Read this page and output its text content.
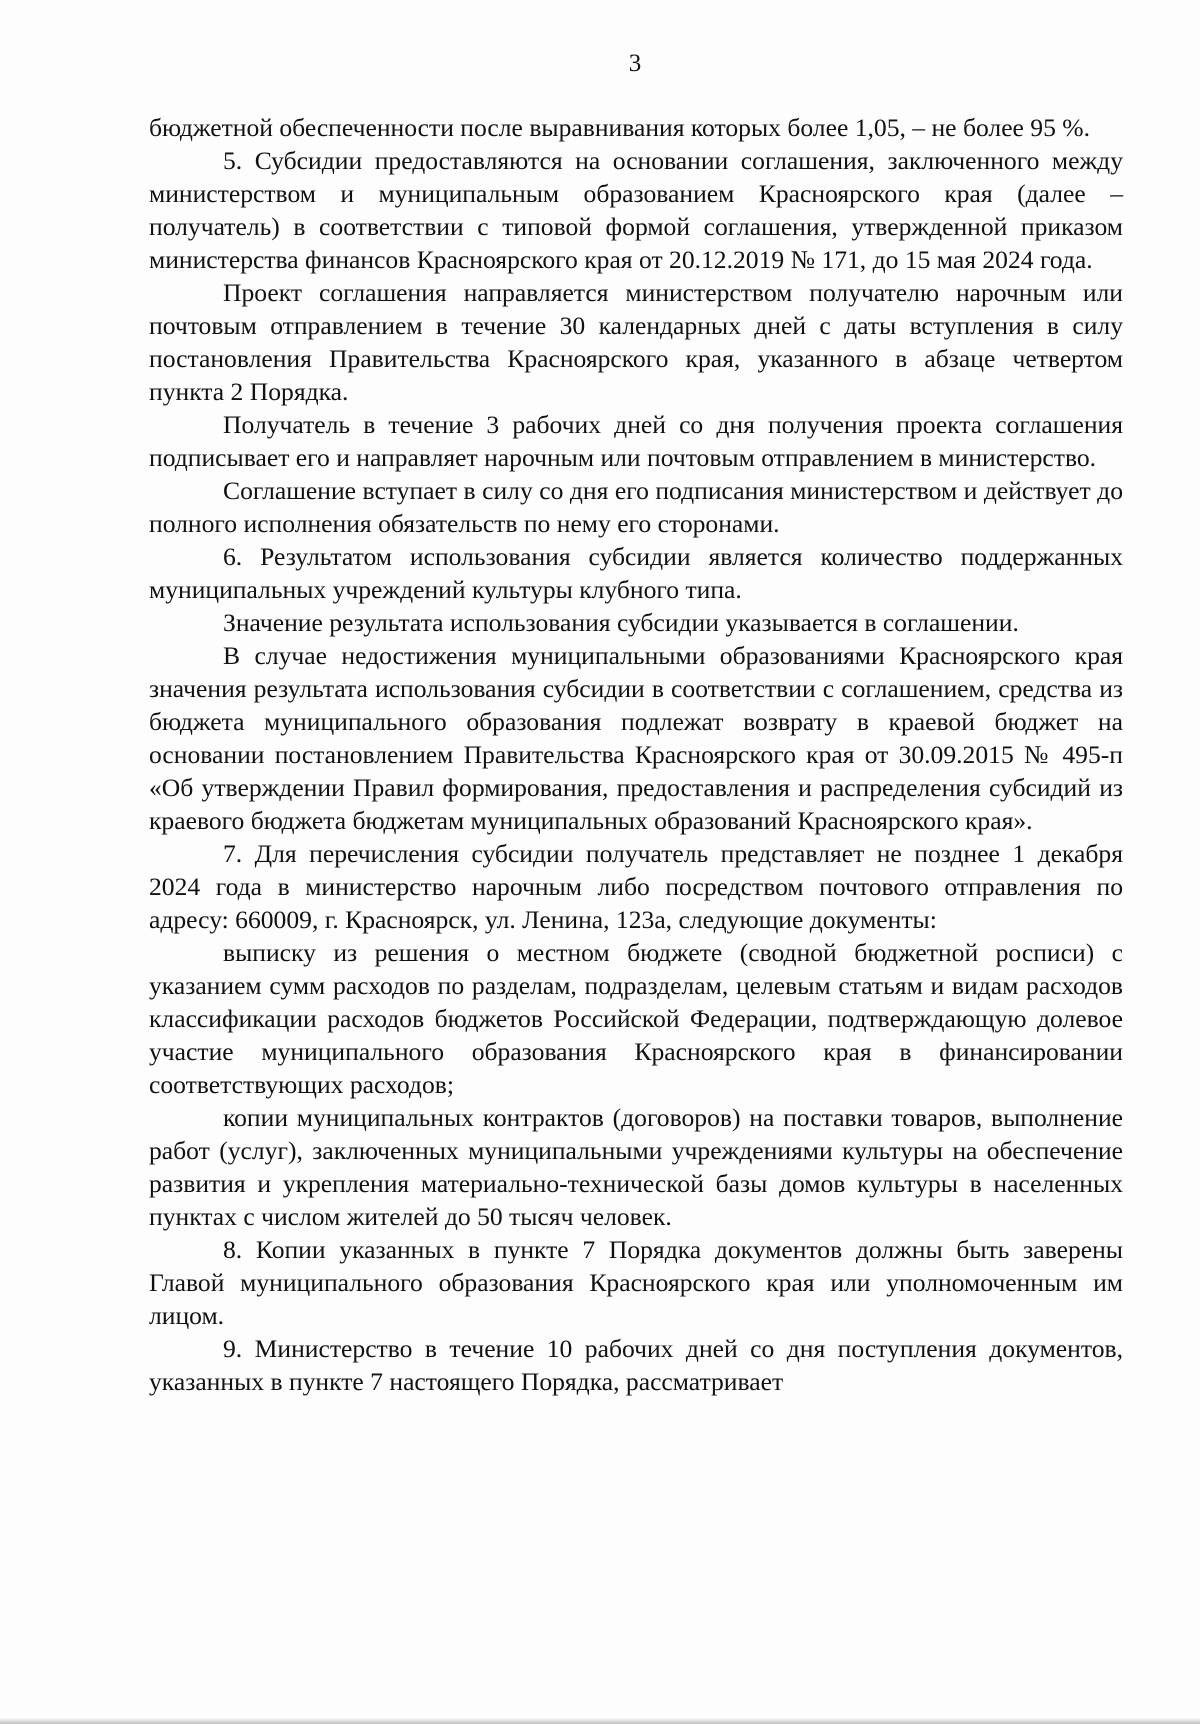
3

бюджетной обеспеченности после выравнивания которых более 1,05, – не более 95 %.

5. Субсидии предоставляются на основании соглашения, заключенного между министерством и муниципальным образованием Красноярского края (далее – получатель) в соответствии с типовой формой соглашения, утвержденной приказом министерства финансов Красноярского края от 20.12.2019 № 171, до 15 мая 2024 года.

Проект соглашения направляется министерством получателю нарочным или почтовым отправлением в течение 30 календарных дней с даты вступления в силу постановления Правительства Красноярского края, указанного в абзаце четвертом пункта 2 Порядка.

Получатель в течение 3 рабочих дней со дня получения проекта соглашения подписывает его и направляет нарочным или почтовым отправлением в министерство.

Соглашение вступает в силу со дня его подписания министерством и действует до полного исполнения обязательств по нему его сторонами.

6. Результатом использования субсидии является количество поддержанных муниципальных учреждений культуры клубного типа.

Значение результата использования субсидии указывается в соглашении.

В случае недостижения муниципальными образованиями Красноярского края значения результата использования субсидии в соответствии с соглашением, средства из бюджета муниципального образования подлежат возврату в краевой бюджет на основании постановлением Правительства Красноярского края от 30.09.2015 № 495-п «Об утверждении Правил формирования, предоставления и распределения субсидий из краевого бюджета бюджетам муниципальных образований Красноярского края».

7. Для перечисления субсидии получатель представляет не позднее 1 декабря 2024 года в министерство нарочным либо посредством почтового отправления по адресу: 660009, г. Красноярск, ул. Ленина, 123а, следующие документы:

выписку из решения о местном бюджете (сводной бюджетной росписи) с указанием сумм расходов по разделам, подразделам, целевым статьям и видам расходов классификации расходов бюджетов Российской Федерации, подтверждающую долевое участие муниципального образования Красноярского края в финансировании соответствующих расходов;

копии муниципальных контрактов (договоров) на поставки товаров, выполнение работ (услуг), заключенных муниципальными учреждениями культуры на обеспечение развития и укрепления материально-технической базы домов культуры в населенных пунктах с числом жителей до 50 тысяч человек.

8. Копии указанных в пункте 7 Порядка документов должны быть заверены Главой муниципального образования Красноярского края или уполномоченным им лицом.

9. Министерство в течение 10 рабочих дней со дня поступления документов, указанных в пункте 7 настоящего Порядка, рассматривает
